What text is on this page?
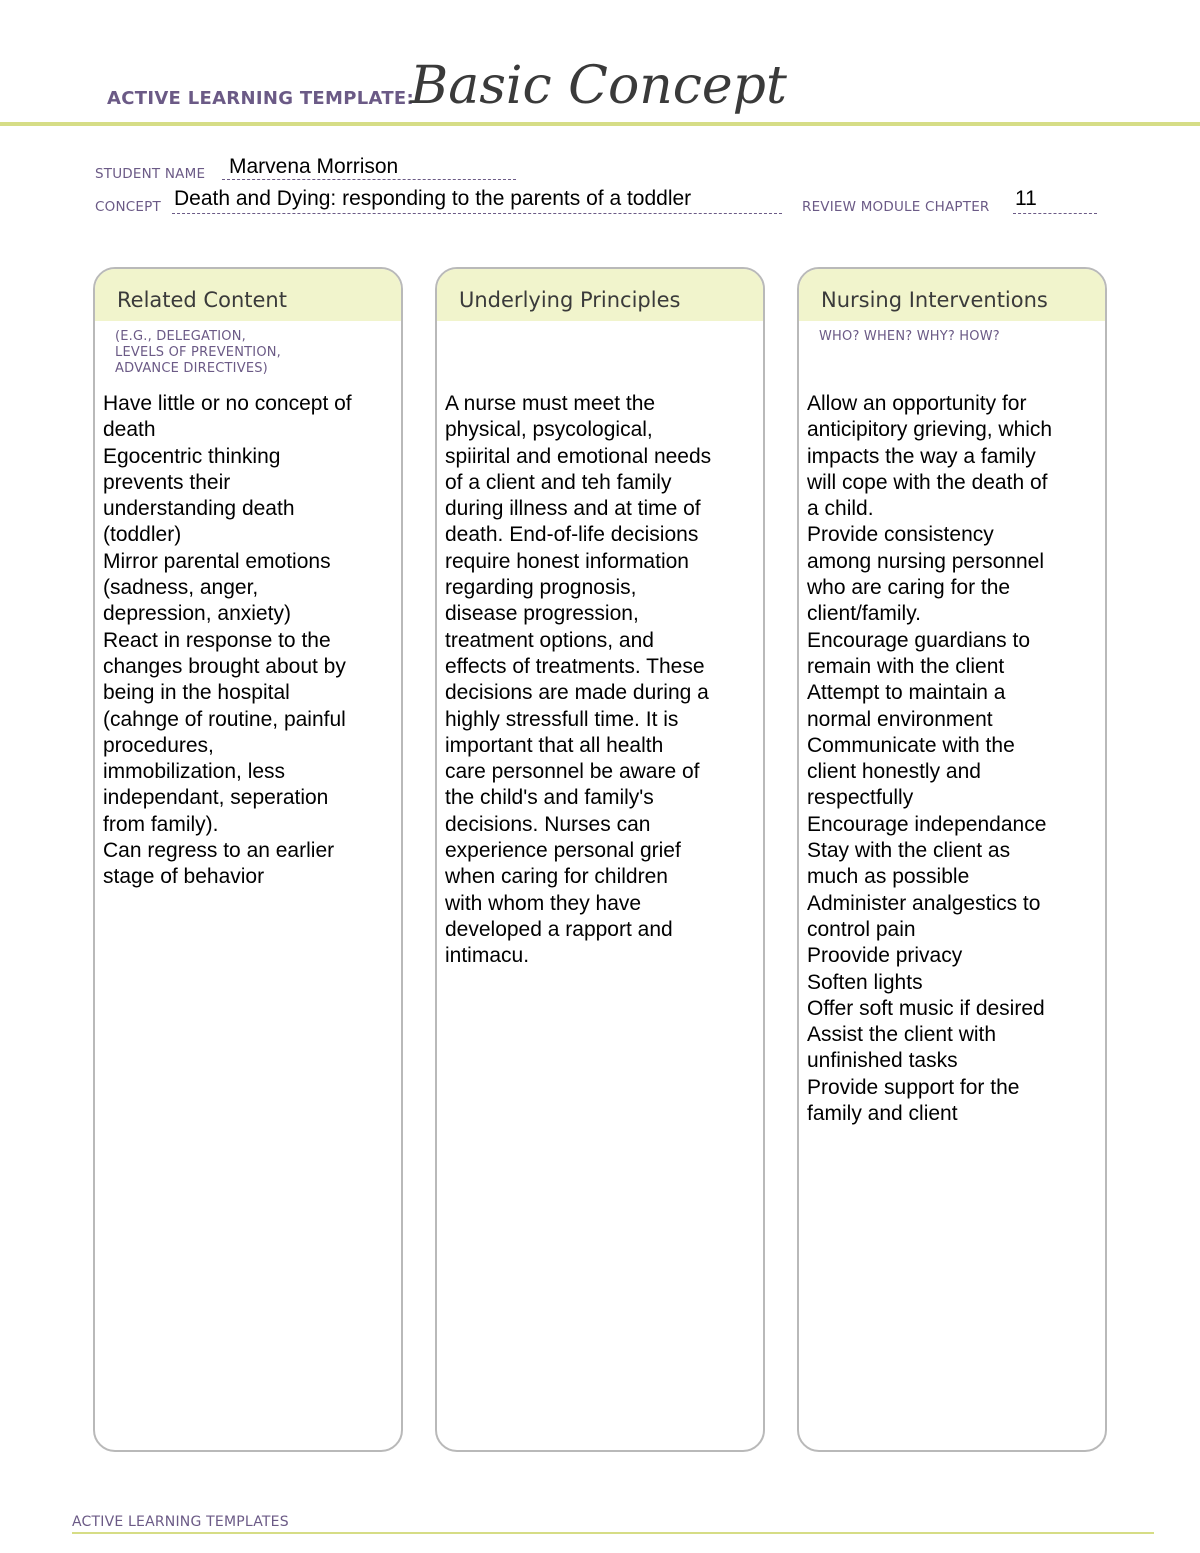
ACTIVE LEARNING TEMPLATE:
Basic Concept
STUDENT NAME Marvena Morrison
CONCEPT Death and Dying: responding to the parents of a toddler	REVIEW MODULE CHAPTER 11
Related Content
(E.G., DELEGATION,
LEVELS OF PREVENTION,
ADVANCE DIRECTIVES)
Have little or no concept of
death
Egocentric thinking
prevents their
understanding death
(toddler)
Mirror parental emotions
(sadness, anger,
depression, anxiety)
React in response to the
changes brought about by
being in the hospital
(cahnge of routine, painful
procedures,
immobilization, less
independant, seperation
from family).
Can regress to an earlier
stage of behavior
Underlying Principles
A nurse must meet the
physical, psycological,
spiirital and emotional needs
of a client and teh family
during illness and at time of
death. End-of-life decisions
require honest information
regarding prognosis,
disease progression,
treatment options, and
effects of treatments. These
decisions are made during a
highly stressfull time. It is
important that all health
care personnel be aware of
the child's and family's
decisions. Nurses can
experience personal grief
when caring for children
with whom they have
developed a rapport and
intimacu.
Nursing Interventions
WHO? WHEN? WHY? HOW?
Allow an opportunity for
anticipitory grieving, which
impacts the way a family
will cope with the death of
a child.
Provide consistency
among nursing personnel
who are caring for the
client/family.
Encourage guardians to
remain with the client
Attempt to maintain a
normal environment
Communicate with the
client honestly and
respectfully
Encourage independance
Stay with the client as
much as possible
Administer analgestics to
control pain
Proovide privacy
Soften lights
Offer soft music if desired
Assist the client with
unfinished tasks
Provide support for the
family and client
ACTIVE LEARNING TEMPLATES
